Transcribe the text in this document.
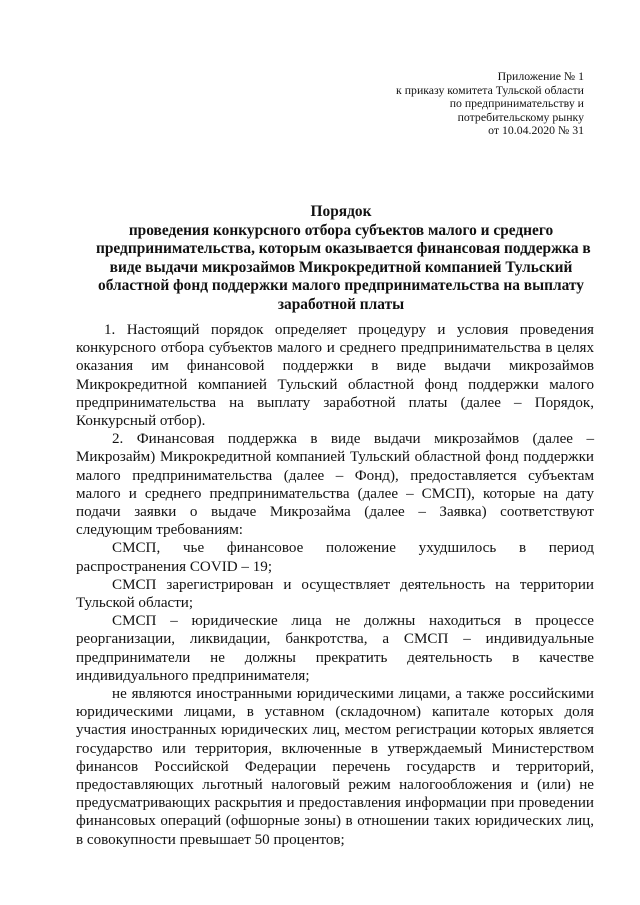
Приложение № 1
к приказу комитета Тульской области
по предпринимательству и
потребительскому рынку
от 10.04.2020 № 31
Порядок
проведения конкурсного отбора субъектов малого и среднего
предпринимательства, которым оказывается финансовая поддержка в
виде выдачи микрозаймов Микрокредитной компанией Тульский
областной фонд поддержки малого предпринимательства на выплату
заработной платы

1. Настоящий порядок определяет процедуру и условия проведения конкурсного отбора субъектов малого и среднего предпринимательства в целях оказания им финансовой поддержки в виде выдачи микрозаймов Микрокредитной компанией Тульский областной фонд поддержки малого предпринимательства на выплату заработной платы (далее – Порядок, Конкурсный отбор).

2. Финансовая поддержка в виде выдачи микрозаймов (далее – Микрозайм) Микрокредитной компанией Тульский областной фонд поддержки малого предпринимательства (далее – Фонд), предоставляется субъектам малого и среднего предпринимательства (далее – СМСП), которые на дату подачи заявки о выдаче Микрозайма (далее – Заявка) соответствуют следующим требованиям:

СМСП, чье финансовое положение ухудшилось в период распространения COVID – 19;

СМСП зарегистрирован и осуществляет деятельность на территории Тульской области;

СМСП – юридические лица не должны находиться в процессе реорганизации, ликвидации, банкротства, а СМСП – индивидуальные предприниматели не должны прекратить деятельность в качестве индивидуального предпринимателя;

не являются иностранными юридическими лицами, а также российскими юридическими лицами, в уставном (складочном) капитале которых доля участия иностранных юридических лиц, местом регистрации которых является государство или территория, включенные в утверждаемый Министерством финансов Российской Федерации перечень государств и территорий, предоставляющих льготный налоговый режим налогообложения и (или) не предусматривающих раскрытия и предоставления информации при проведении финансовых операций (офшорные зоны) в отношении таких юридических лиц, в совокупности превышает 50 процентов;
